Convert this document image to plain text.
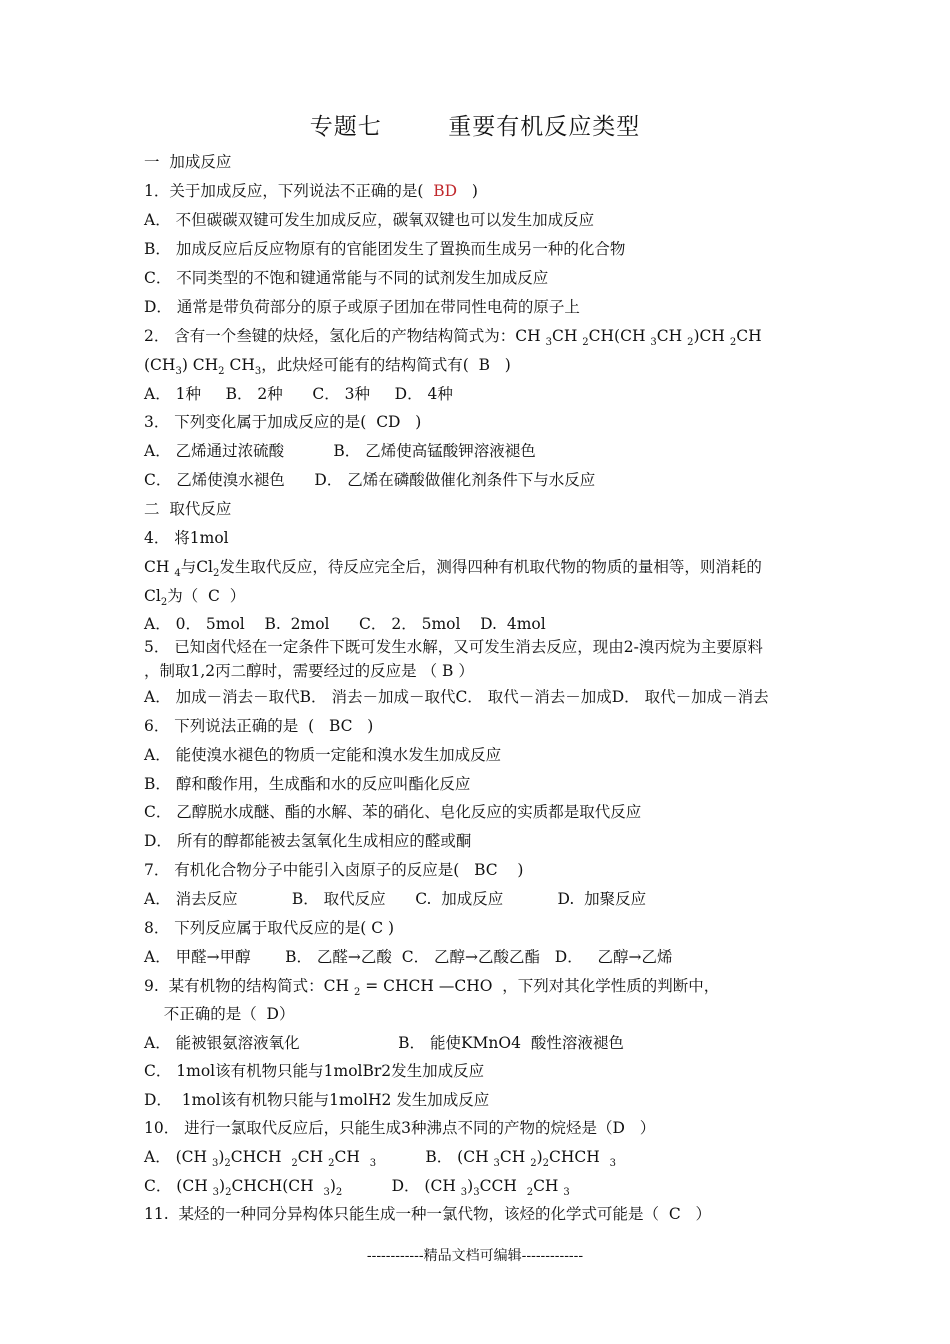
专题七        重要有机反应类型
一  加成反应
1．关于加成反应，下列说法不正确的是(  BD   )
A． 不但碳碳双键可发生加成反应，碳氧双键也可以发生加成反应
B． 加成反应后反应物原有的官能团发生了置换而生成另一种的化合物
C． 不同类型的不饱和键通常能与不同的试剂发生加成反应
D． 通常是带负荷部分的原子或原子团加在带同性电荷的原子上
2． 含有一个叁键的炔烃，氢化后的产物结构简式为：CH $_3$CH $_2$CH(CH $_3$CH $_2$)CH $_2$CH
$(CH_3)$ $CH_2$ $CH_3$，此炔烃可能有的结构简式有(  B   )
A． 1种     B． 2种      C． 3种     D． 4种
3． 下列变化属于加成反应的是(  CD   )
A． 乙烯通过浓硫酸          B． 乙烯使高锰酸钾溶液褪色
C． 乙烯使溴水褪色      D． 乙烯在磷酸做催化剂条件下与水反应
二  取代反应
4． 将1mol
CH $_4$与$Cl_2$发生取代反应，待反应完全后，测得四种有机取代物的物质的量相等，则消耗的
$Cl_2$为（  C  ）
A． 0． 5mol    B.  2mol      C． 2． 5mol    D.  4mol
5． 已知卤代烃在一定条件下既可发生水解，又可发生消去反应，现由2-溴丙烷为主要原料
，制取1,2丙二醇时，需要经过的反应是 （ B ）
A． 加成－消去－取代B． 消去－加成－取代C． 取代－消去－加成D． 取代－加成－消去
6． 下列说法正确的是  (   BC   )
A． 能使溴水褪色的物质一定能和溴水发生加成反应
B． 醇和酸作用，生成酯和水的反应叫酯化反应
C． 乙醇脱水成醚、酯的水解、苯的硝化、皂化反应的实质都是取代反应
D． 所有的醇都能被去氢氧化生成相应的醛或酮
7． 有机化合物分子中能引入卤原子的反应是(   BC    )
A． 消去反应           B． 取代反应      C.  加成反应           D.  加聚反应
8． 下列反应属于取代反应的是( C )
A． 甲醛→甲醇       B． 乙醛→乙酸  C． 乙醇→乙酸乙酯   D．   乙醇→乙烯
9.  某有机物的结构简式：CH $_2$ = CHCH —CHO  ，下列对其化学性质的判断中，
不正确的是（  D）
A． 能被银氨溶液氧化                    B． 能使KMnO4  酸性溶液褪色
C． 1mol该有机物只能与1molBr2发生加成反应
D．  1mol该有机物只能与1molH2 发生加成反应
10． 进行一氯取代反应后，只能生成3种沸点不同的产物的烷烃是（D   ）
A． (CH $_3)_2CHCH$  $_2$CH $_2$CH  $_3$          B． (CH $_3$CH $_2)_2CHCH$  $_3$
C． (CH $_3)_2CHCH(CH$  $_3)_2$          D． (CH $_3)_3CCH$  $_2$CH $_3$
11.  某烃的一种同分异构体只能生成一种一氯代物，该烃的化学式可能是（  C   ）
------------精品文档可编辑-------------
